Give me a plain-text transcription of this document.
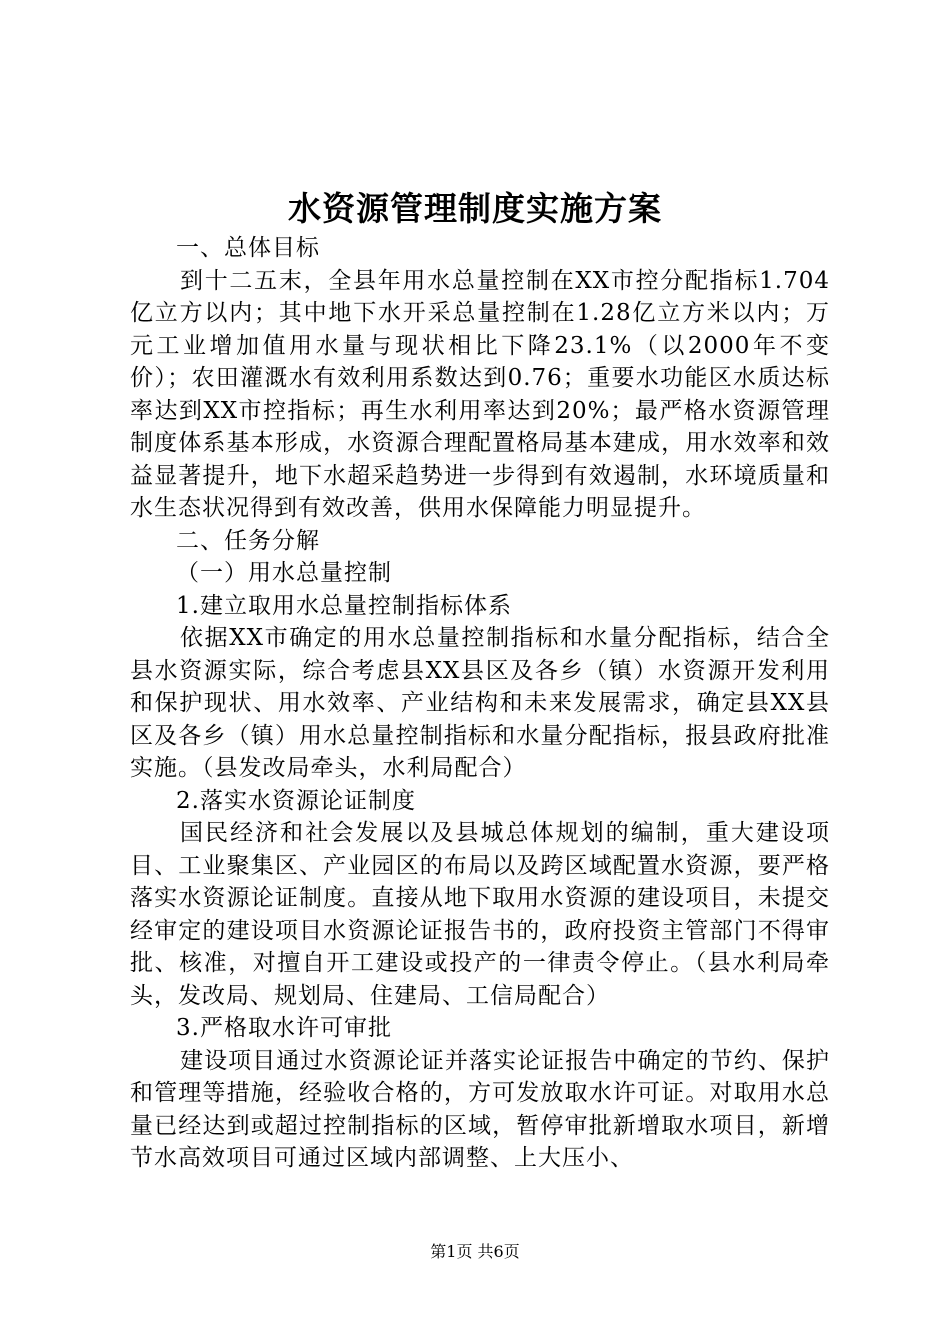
水资源管理制度实施方案

一、总体目标

到十二五末，全县年用水总量控制在XX市控分配指标1.704亿立方以内；其中地下水开采总量控制在1.28亿立方米以内；万元工业增加值用水量与现状相比下降23.1%（以2000年不变价）；农田灌溉水有效利用系数达到0.76；重要水功能区水质达标率达到XX市控指标；再生水利用率达到20%；最严格水资源管理制度体系基本形成，水资源合理配置格局基本建成，用水效率和效益显著提升，地下水超采趋势进一步得到有效遏制，水环境质量和水生态状况得到有效改善，供用水保障能力明显提升。

二、任务分解

（一）用水总量控制

1.建立取用水总量控制指标体系

依据XX市确定的用水总量控制指标和水量分配指标，结合全县水资源实际，综合考虑县XX县区及各乡（镇）水资源开发利用和保护现状、用水效率、产业结构和未来发展需求，确定县XX县区及各乡（镇）用水总量控制指标和水量分配指标，报县政府批准实施。（县发改局牵头，水利局配合）

2.落实水资源论证制度

国民经济和社会发展以及县城总体规划的编制，重大建设项目、工业聚集区、产业园区的布局以及跨区域配置水资源，要严格落实水资源论证制度。直接从地下取用水资源的建设项目，未提交经审定的建设项目水资源论证报告书的，政府投资主管部门不得审批、核准，对擅自开工建设或投产的一律责令停止。（县水利局牵头，发改局、规划局、住建局、工信局配合）

3.严格取水许可审批

建设项目通过水资源论证并落实论证报告中确定的节约、保护和管理等措施，经验收合格的，方可发放取水许可证。对取用水总量已经达到或超过控制指标的区域，暂停审批新增取水项目，新增节水高效项目可通过区域内部调整、上大压小、

第1页 共6页
